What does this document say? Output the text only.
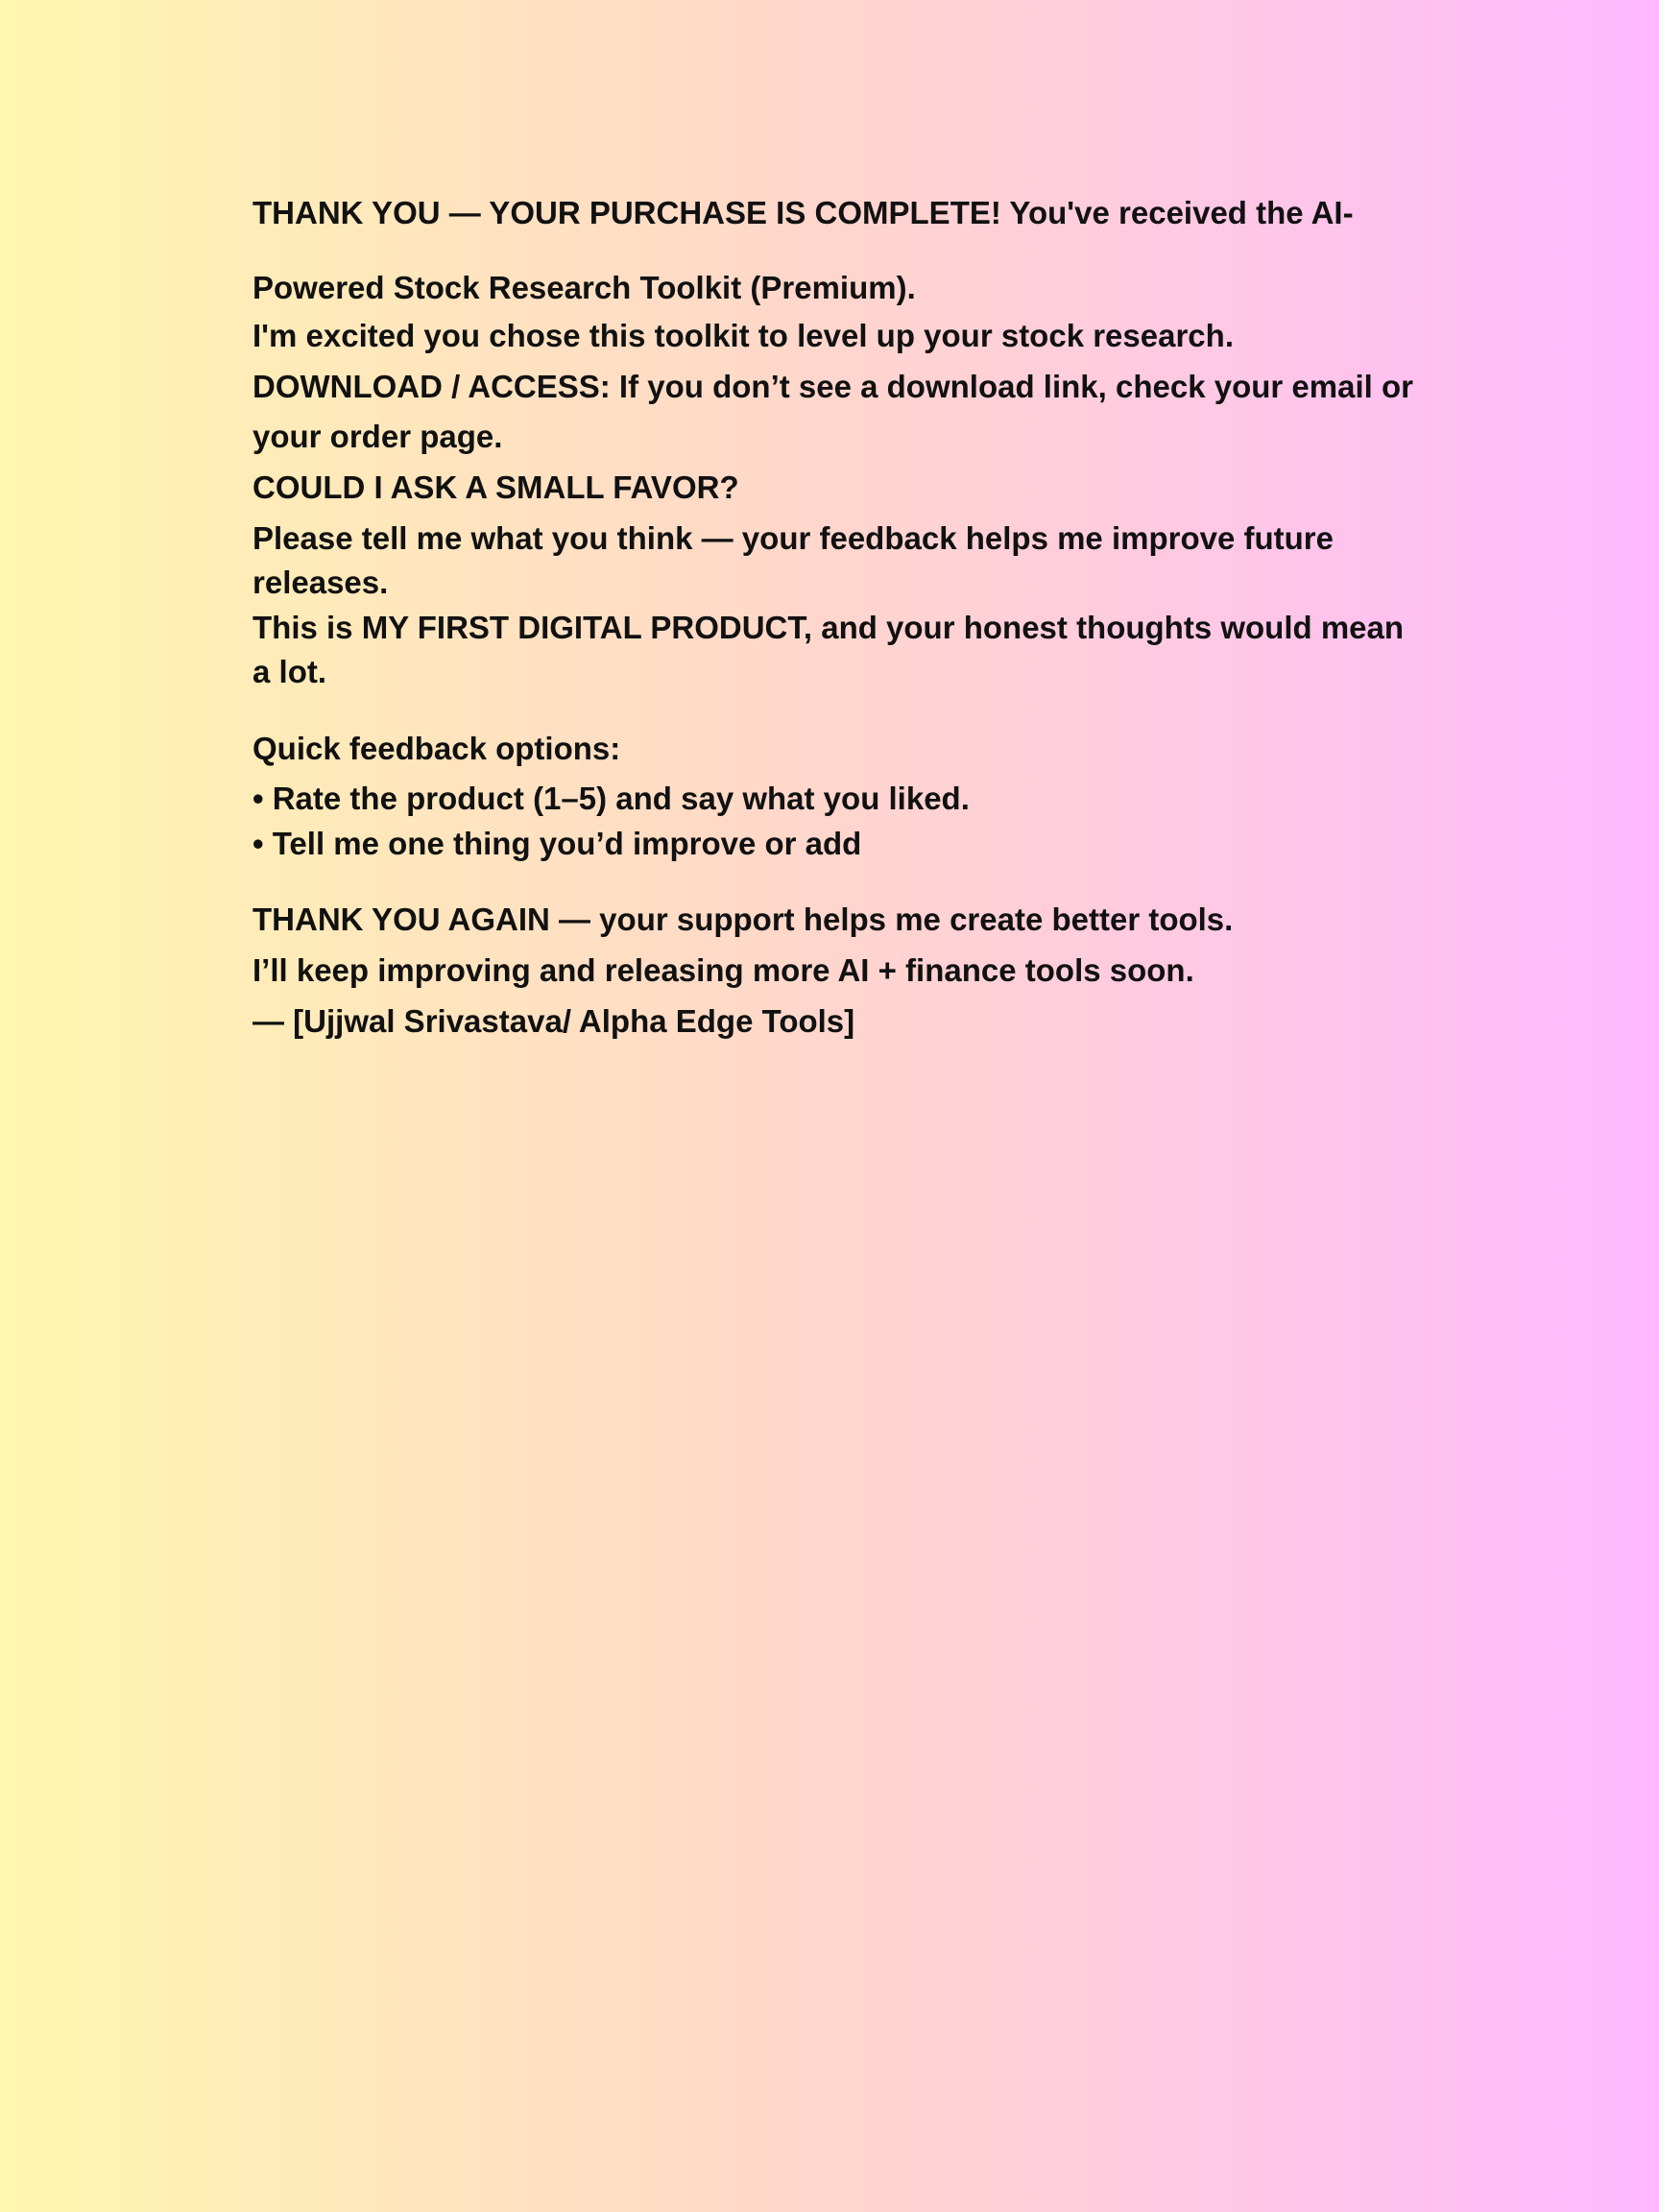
THANK YOU — YOUR PURCHASE IS COMPLETE! You've received the AI-

Powered Stock Research Toolkit (Premium).

I'm excited you chose this toolkit to level up your stock research.

DOWNLOAD / ACCESS: If you don’t see a download link, check your email or

your order page.

COULD I ASK A SMALL FAVOR?

Please tell me what you think — your feedback helps me improve future

releases.

This is MY FIRST DIGITAL PRODUCT, and your honest thoughts would mean

a lot.

Quick feedback options:

• Rate the product (1–5) and say what you liked.

• Tell me one thing you’d improve or add

THANK YOU AGAIN — your support helps me create better tools.

I’ll keep improving and releasing more AI + finance tools soon.

— [Ujjwal Srivastava/ Alpha Edge Tools]
